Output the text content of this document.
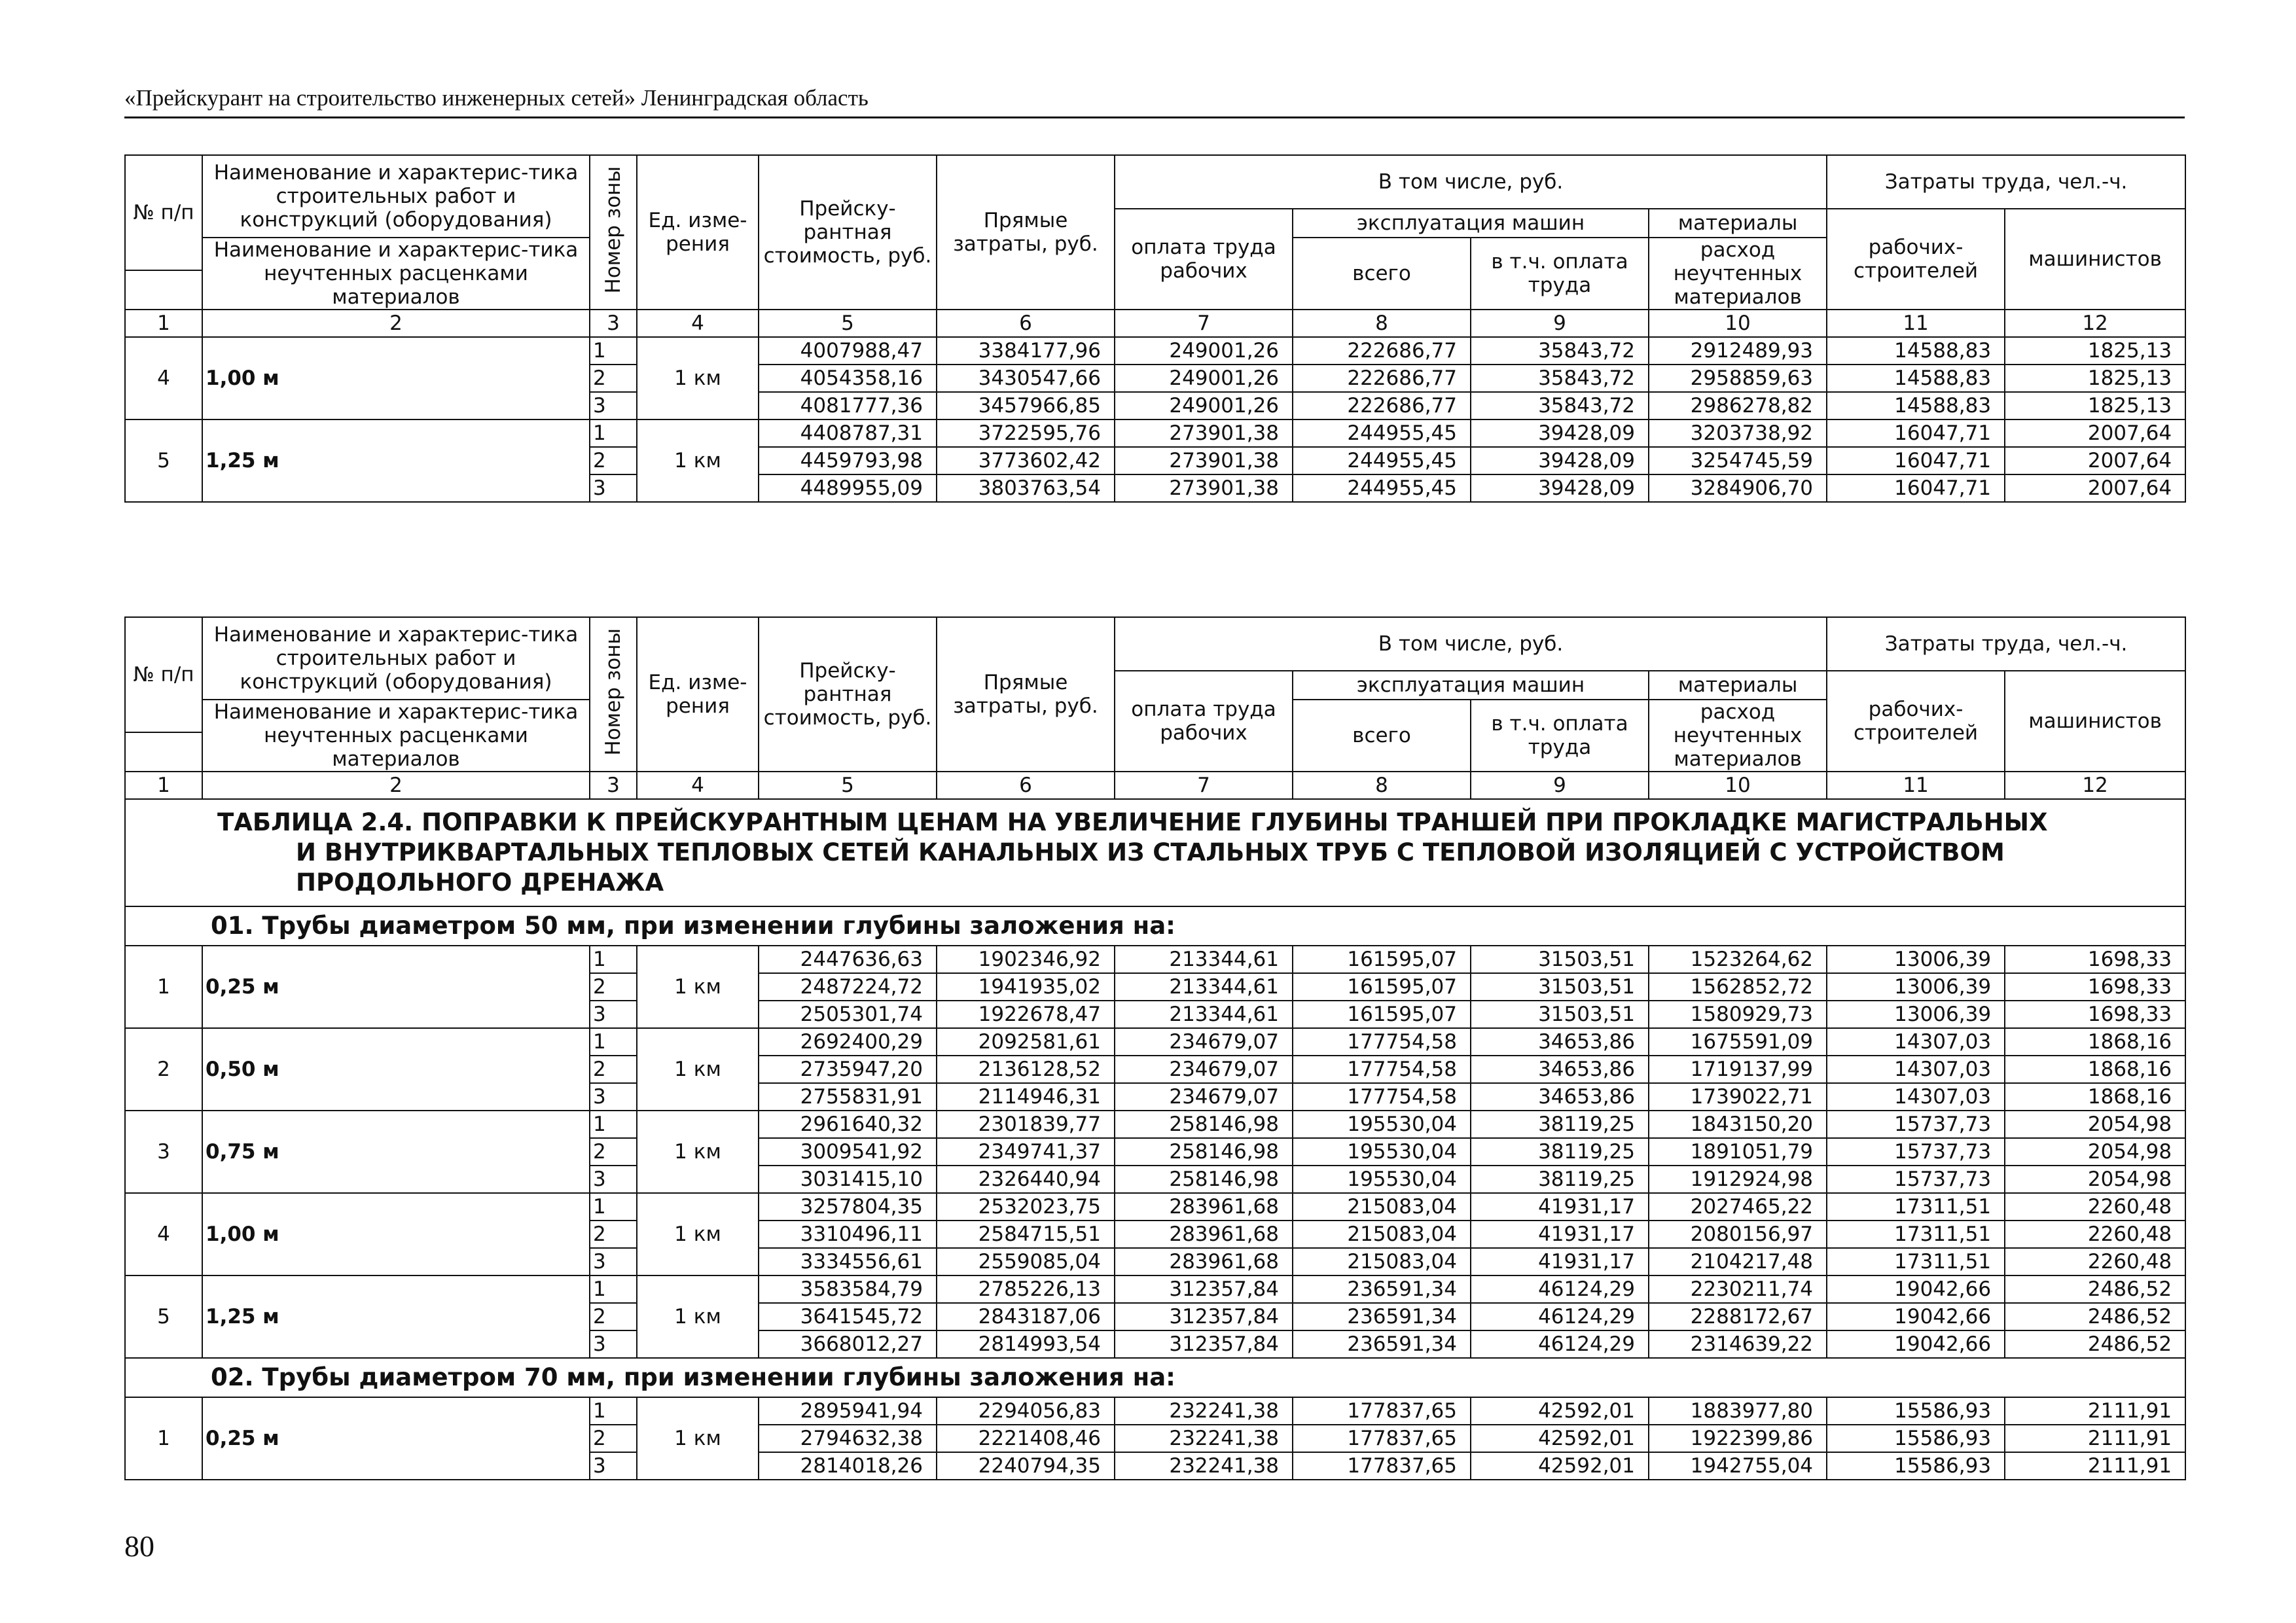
«Прейскурант на строительство инженерных сетей» Ленинградская область
№ п/п	Наименование и характерис-тика строительных работ и конструкций (оборудования)	Номер зоны	Ед. изме-рения	Прейску-рантная стоимость, руб.	Прямые затраты, руб.	В том числе, руб.				Затраты труда, чел.-ч.	
						оплата труда рабочих	эксплуатация машин		материалы	рабочих-строителей	машинистов
	Наименование и характерис-тика неучтенных расценками материалов						всего	в т.ч. оплата труда	расход неучтенных материалов		

1	2	3	4	5	6	7	8	9	10	11	12
4	1,00 м	1	1 км	4007988,47	3384177,96	249001,26	222686,77	35843,72	2912489,93	14588,83	1825,13
		2		4054358,16	3430547,66	249001,26	222686,77	35843,72	2958859,63	14588,83	1825,13
		3		4081777,36	3457966,85	249001,26	222686,77	35843,72	2986278,82	14588,83	1825,13
5	1,25 м	1	1 км	4408787,31	3722595,76	273901,38	244955,45	39428,09	3203738,92	16047,71	2007,64
		2		4459793,98	3773602,42	273901,38	244955,45	39428,09	3254745,59	16047,71	2007,64
		3		4489955,09	3803763,54	273901,38	244955,45	39428,09	3284906,70	16047,71	2007,64
№ п/п	Наименование и характерис-тика строительных работ и конструкций (оборудования)	Номер зоны	Ед. изме-рения	Прейску-рантная стоимость, руб.	Прямые затраты, руб.	В том числе, руб.				Затраты труда, чел.-ч.	
						оплата труда рабочих	эксплуатация машин		материалы	рабочих-строителей	машинистов
	Наименование и характерис-тика неучтенных расценками материалов						всего	в т.ч. оплата труда	расход неучтенных материалов		

1	2	3	4	5	6	7	8	9	10	11	12

ТАБЛИЦА 2.4. ПОПРАВКИ К ПРЕЙСКУРАНТНЫМ ЦЕНАМ НА УВЕЛИЧЕНИЕ ГЛУБИНЫ ТРАНШЕЙ ПРИ ПРОКЛАДКЕ МАГИСТРАЛЬНЫХ
И ВНУТРИКВАРТАЛЬНЫХ ТЕПЛОВЫХ СЕТЕЙ КАНАЛЬНЫХ ИЗ СТАЛЬНЫХ ТРУБ С ТЕПЛОВОЙ ИЗОЛЯЦИЕЙ С УСТРОЙСТВОМ
ПРОДОЛЬНОГО ДРЕНАЖА											

01. Трубы диаметром 50 мм, при изменении глубины заложения на:											
1	0,25 м	1	1 км	2447636,63	1902346,92	213344,61	161595,07	31503,51	1523264,62	13006,39	1698,33
		2		2487224,72	1941935,02	213344,61	161595,07	31503,51	1562852,72	13006,39	1698,33
		3		2505301,74	1922678,47	213344,61	161595,07	31503,51	1580929,73	13006,39	1698,33
2	0,50 м	1	1 км	2692400,29	2092581,61	234679,07	177754,58	34653,86	1675591,09	14307,03	1868,16
		2		2735947,20	2136128,52	234679,07	177754,58	34653,86	1719137,99	14307,03	1868,16
		3		2755831,91	2114946,31	234679,07	177754,58	34653,86	1739022,71	14307,03	1868,16
3	0,75 м	1	1 км	2961640,32	2301839,77	258146,98	195530,04	38119,25	1843150,20	15737,73	2054,98
		2		3009541,92	2349741,37	258146,98	195530,04	38119,25	1891051,79	15737,73	2054,98
		3		3031415,10	2326440,94	258146,98	195530,04	38119,25	1912924,98	15737,73	2054,98
4	1,00 м	1	1 км	3257804,35	2532023,75	283961,68	215083,04	41931,17	2027465,22	17311,51	2260,48
		2		3310496,11	2584715,51	283961,68	215083,04	41931,17	2080156,97	17311,51	2260,48
		3		3334556,61	2559085,04	283961,68	215083,04	41931,17	2104217,48	17311,51	2260,48
5	1,25 м	1	1 км	3583584,79	2785226,13	312357,84	236591,34	46124,29	2230211,74	19042,66	2486,52
		2		3641545,72	2843187,06	312357,84	236591,34	46124,29	2288172,67	19042,66	2486,52
		3		3668012,27	2814993,54	312357,84	236591,34	46124,29	2314639,22	19042,66	2486,52
02. Трубы диаметром 70 мм, при изменении глубины заложения на:											
1	0,25 м	1	1 км	2895941,94	2294056,83	232241,38	177837,65	42592,01	1883977,80	15586,93	2111,91
		2		2794632,38	2221408,46	232241,38	177837,65	42592,01	1922399,86	15586,93	2111,91
		3		2814018,26	2240794,35	232241,38	177837,65	42592,01	1942755,04	15586,93	2111,91
80
